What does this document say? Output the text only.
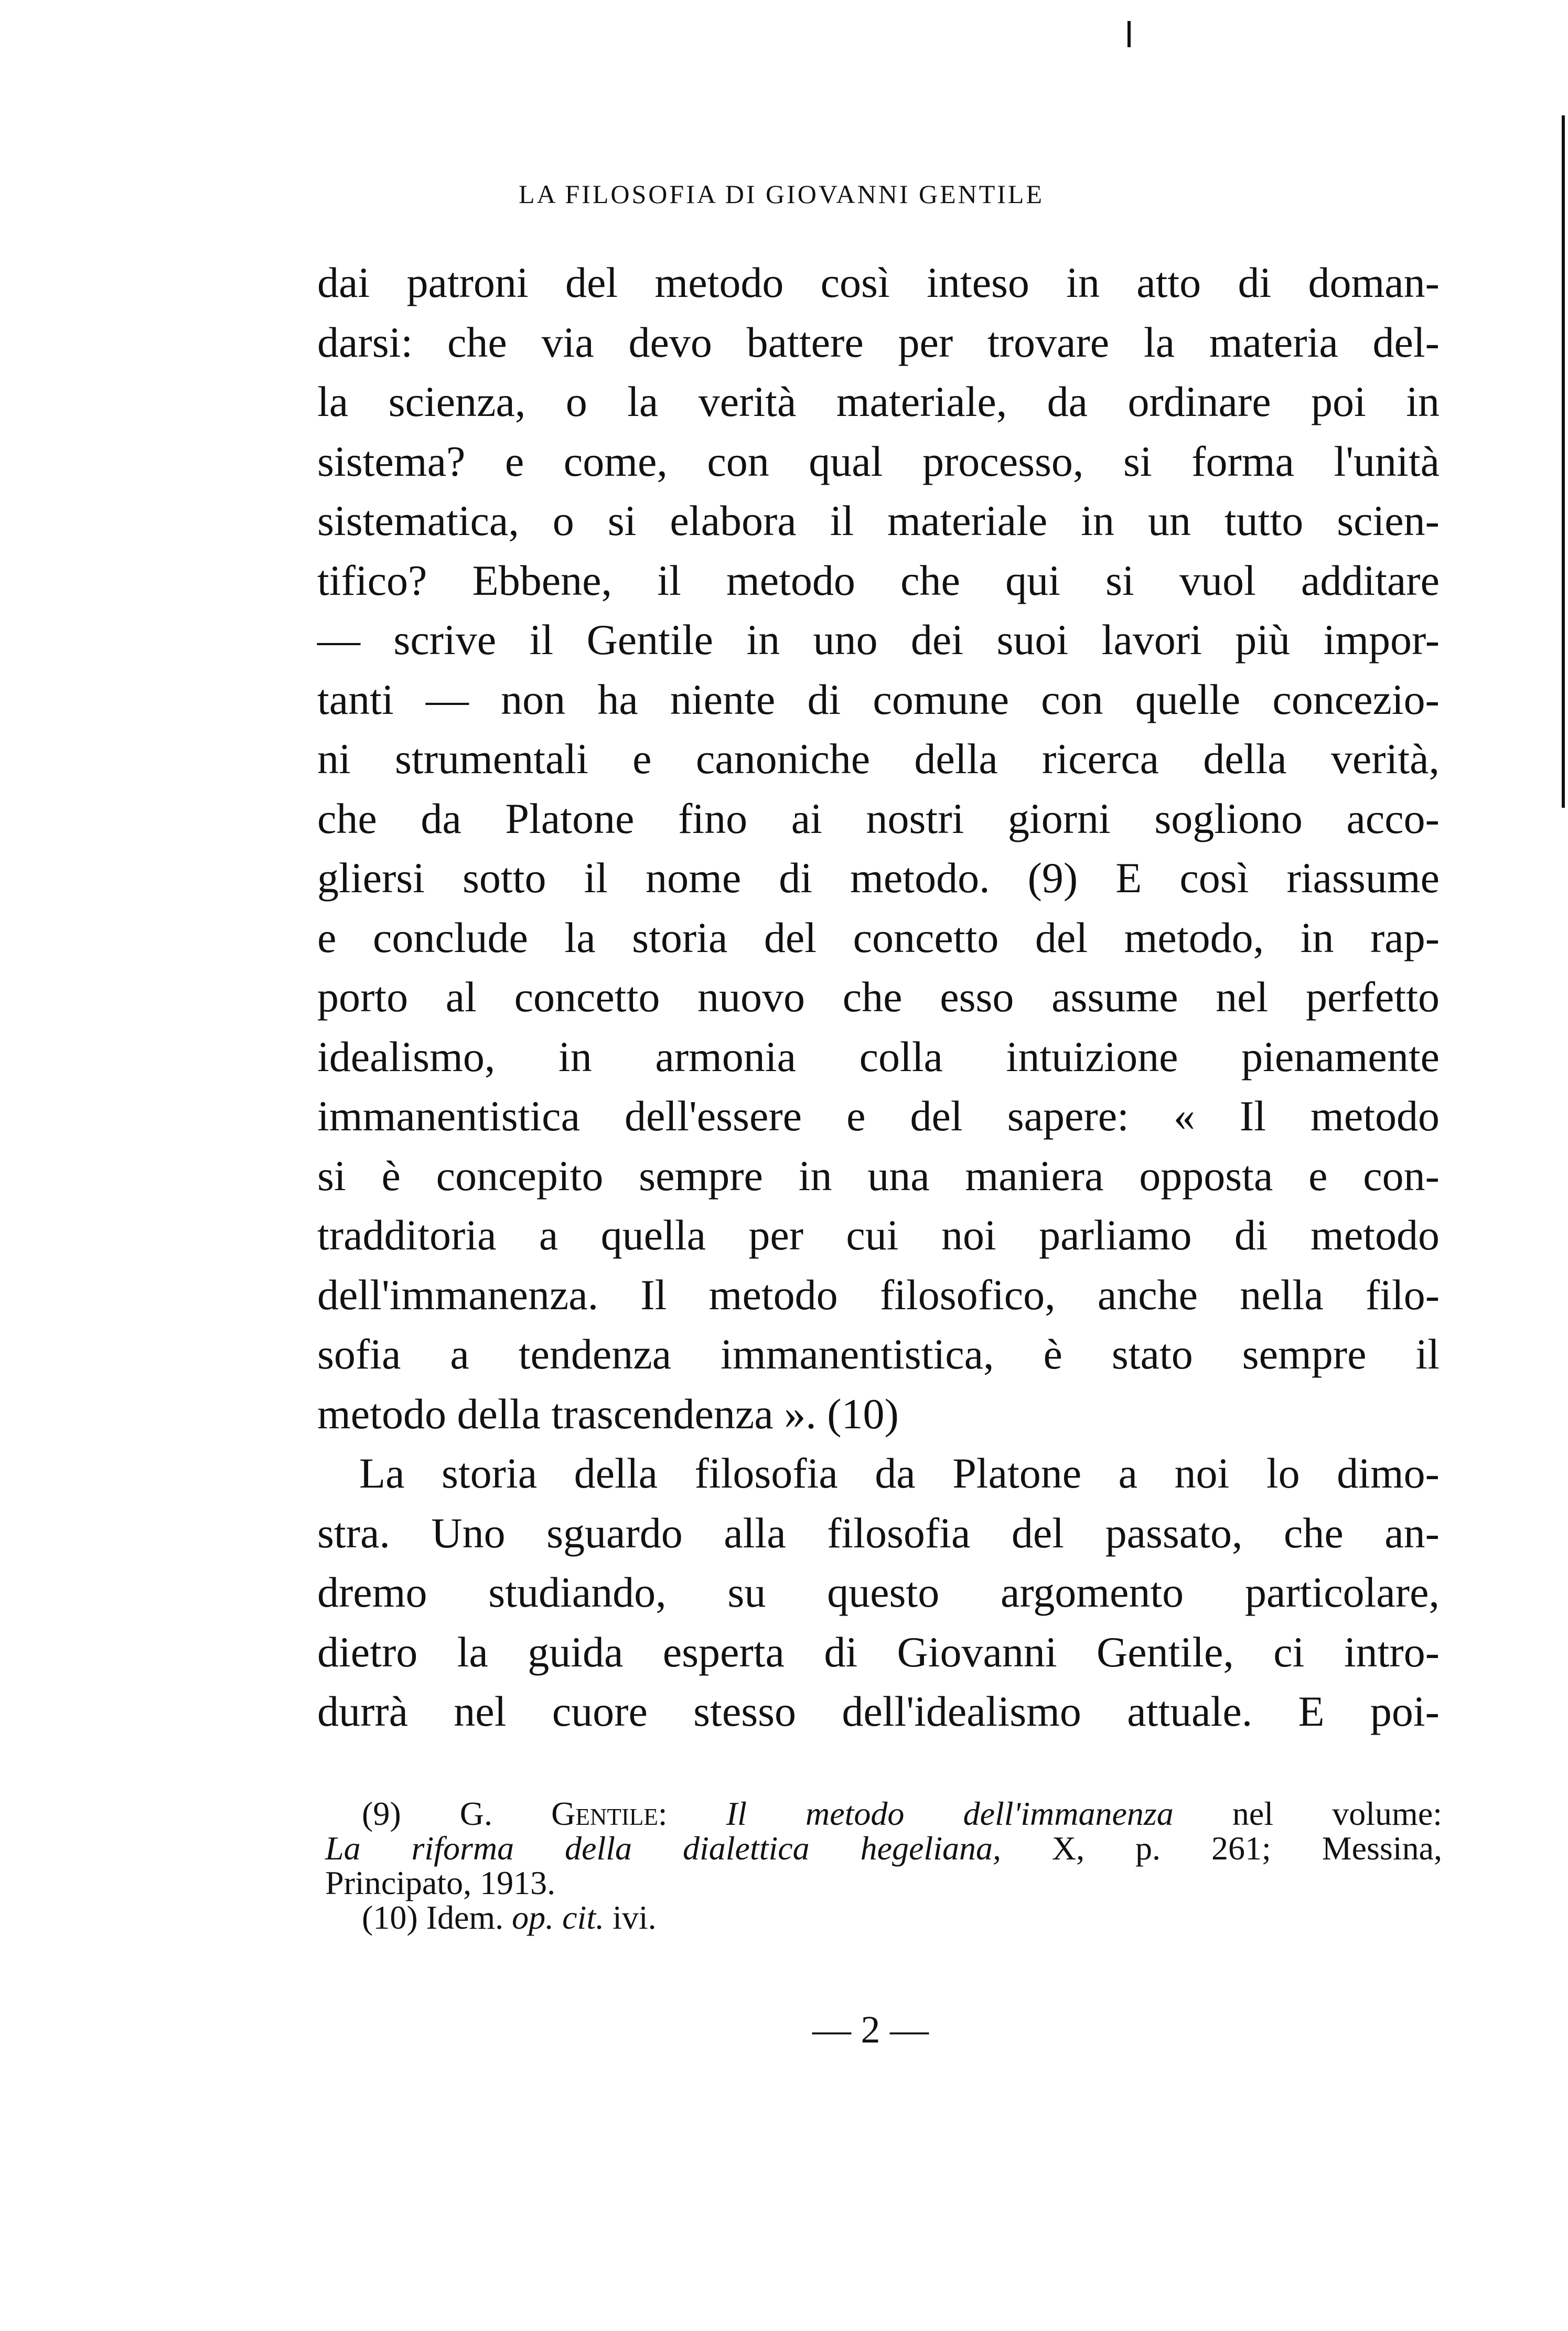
LA FILOSOFIA DI GIOVANNI GENTILE
dai patroni del metodo così inteso in atto di doman-
darsi: che via devo battere per trovare la materia del-
la scienza, o la verità materiale, da ordinare poi in
sistema? e come, con qual processo, si forma l'unità
sistematica, o si elabora il materiale in un tutto scien-
tifico? Ebbene, il metodo che qui si vuol additare
— scrive il Gentile in uno dei suoi lavori più impor-
tanti — non ha niente di comune con quelle concezio-
ni strumentali e canoniche della ricerca della verità,
che da Platone fino ai nostri giorni sogliono acco-
gliersi sotto il nome di metodo. (9) E così riassume
e conclude la storia del concetto del metodo, in rap-
porto al concetto nuovo che esso assume nel perfetto
idealismo, in armonia colla intuizione pienamente
immanentistica dell'essere e del sapere: « Il metodo
si è concepito sempre in una maniera opposta e con-
tradditoria a quella per cui noi parliamo di metodo
dell'immanenza. Il metodo filosofico, anche nella filo-
sofia a tendenza immanentistica, è stato sempre il
metodo della trascendenza ». (10)
La storia della filosofia da Platone a noi lo dimo-
stra. Uno sguardo alla filosofia del passato, che an-
dremo studiando, su questo argomento particolare,
dietro la guida esperta di Giovanni Gentile, ci intro-
durrà nel cuore stesso dell'idealismo attuale. E poi-
(9) G. Gentile: Il metodo dell'immanenza nel volume:
La riforma della dialettica hegeliana, X, p. 261; Messina,
Principato, 1913.
(10) Idem. op. cit. ivi.
— 2 —
